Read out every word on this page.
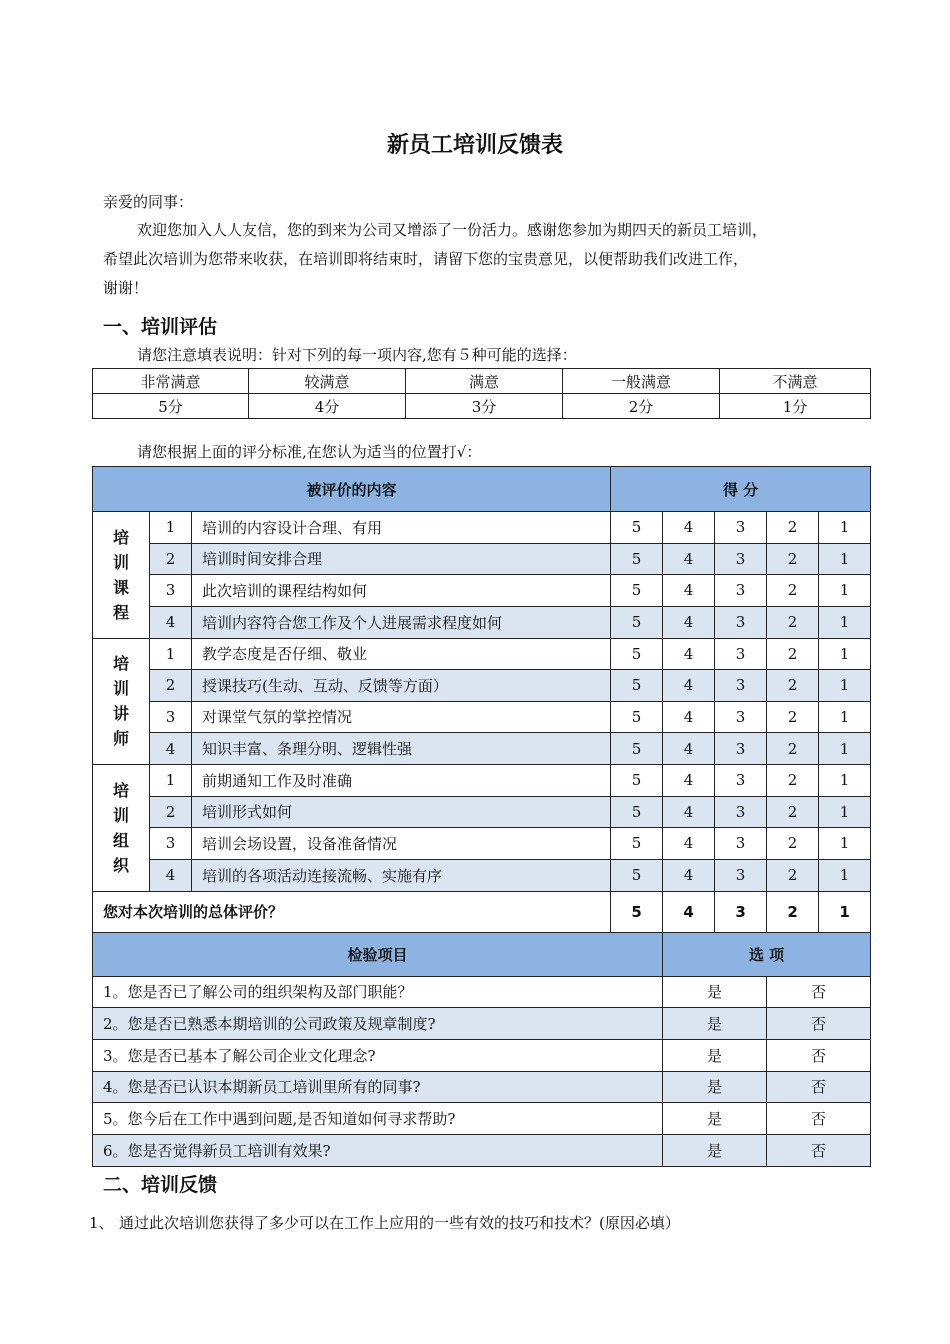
新员工培训反馈表
亲爱的同事：
欢迎您加入人人友信，您的到来为公司又增添了一份活力。感谢您参加为期四天的新员工培训，
希望此次培训为您带来收获，在培训即将结束时，请留下您的宝贵意见，以便帮助我们改进工作，
谢谢！
一、培训评估
请您注意填表说明：针对下列的每一项内容,您有５种可能的选择：
非常满意	较满意	满意	一般满意	不满意
5分	4分	3分	2分	1分
请您根据上面的评分标准,在您认为适当的位置打√：
被评价的内容			得 分				

培
训
课
程	1	培训的内容设计合理、有用	5	4	3	2	1
	2	培训时间安排合理	5	4	3	2	1
	3	此次培训的课程结构如何	5	4	3	2	1
	4	培训内容符合您工作及个人进展需求程度如何	5	4	3	2	1

培
训
讲
师	1	教学态度是否仔细、敬业	5	4	3	2	1
	2	授课技巧(生动、互动、反馈等方面）	5	4	3	2	1
	3	对课堂气氛的掌控情况	5	4	3	2	1
	4	知识丰富、条理分明、逻辑性强	5	4	3	2	1

培
训
组
织	1	前期通知工作及时准确	5	4	3	2	1
	2	培训形式如何	5	4	3	2	1
	3	培训会场设置，设备准备情况	5	4	3	2	1
	4	培训的各项活动连接流畅、实施有序	5	4	3	2	1
您对本次培训的总体评价？			5	4	3	2	1
检验项目				选 项			
1。您是否已了解公司的组织架构及部门职能？				是		否	
2。您是否已熟悉本期培训的公司政策及规章制度?				是		否	
3。您是否已基本了解公司企业文化理念?				是		否	
4。您是否已认识本期新员工培训里所有的同事?				是		否	
5。您今后在工作中遇到问题,是否知道如何寻求帮助?				是		否	
6。您是否觉得新员工培训有效果?				是		否	
二、培训反馈
1、 通过此次培训您获得了多少可以在工作上应用的一些有效的技巧和技术？(原因必填）
